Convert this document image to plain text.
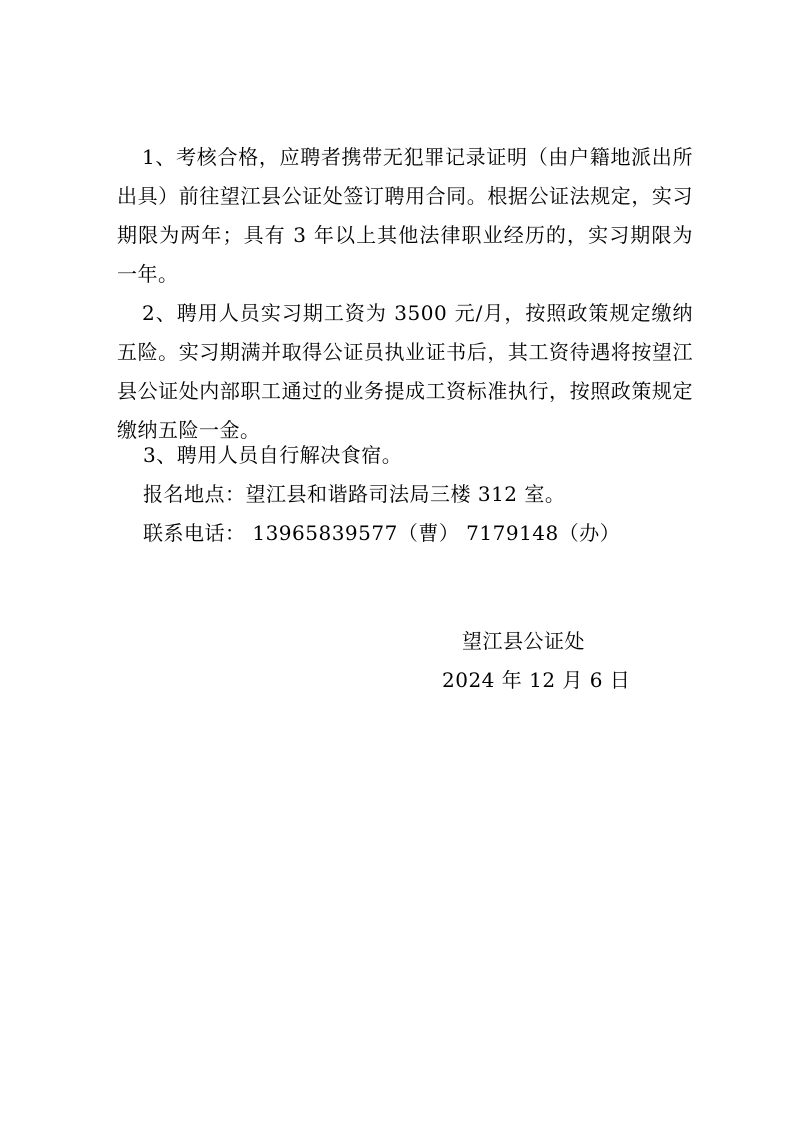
1、考核合格，应聘者携带无犯罪记录证明（由户籍地派出所出具）前往望江县公证处签订聘用合同。根据公证法规定，实习期限为两年；具有 3 年以上其他法律职业经历的，实习期限为一年。

2、聘用人员实习期工资为 3500 元/月，按照政策规定缴纳五险。实习期满并取得公证员执业证书后，其工资待遇将按望江县公证处内部职工通过的业务提成工资标准执行，按照政策规定缴纳五险一金。

3、聘用人员自行解决食宿。

报名地点：望江县和谐路司法局三楼 312 室。

联系电话： 13965839577（曹） 7179148（办）

望江县公证处

2024 年 12 月 6 日
